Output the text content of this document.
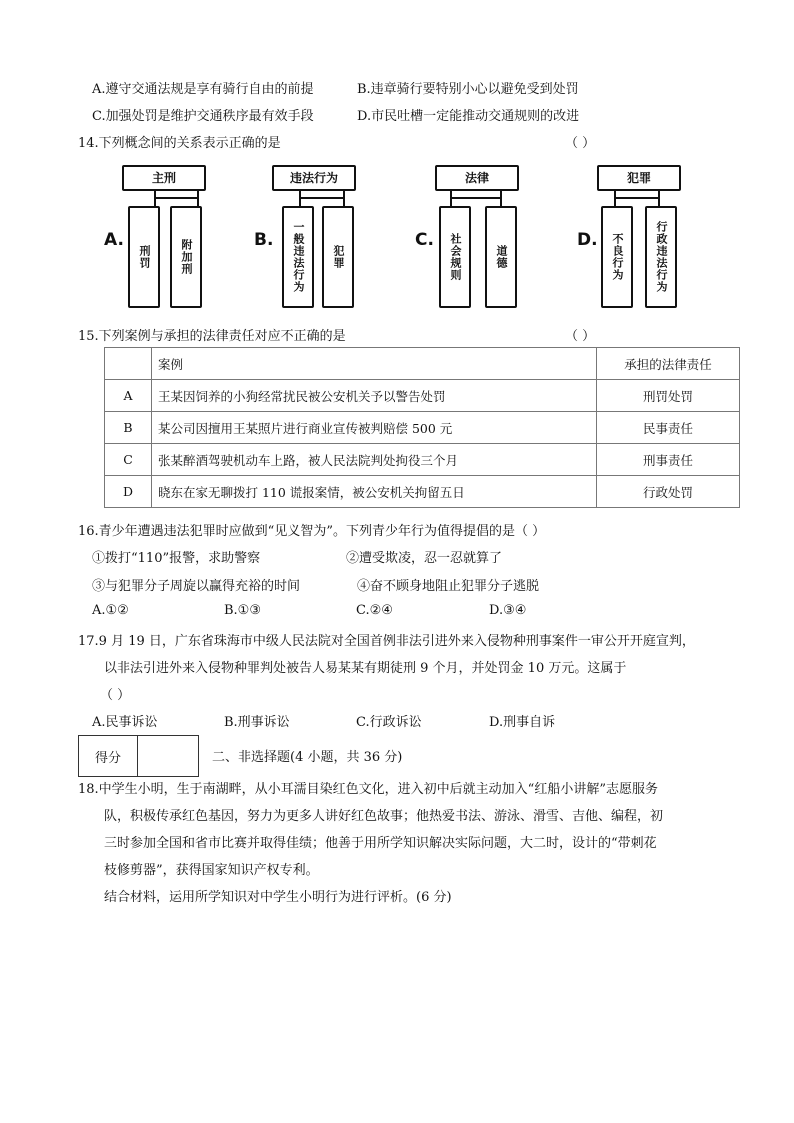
A.遵守交通法规是享有骑行自由的前提	B.违章骑行要特别小心以避免受到处罚
C.加强处罚是维护交通秩序最有效手段	D.市民吐槽一定能推动交通规则的改进
14.下列概念间的关系表示正确的是	（ ）
主刑
A.
刑罚	附加刑
违法行为
B.	一般违法行为	犯罪
法律
C.	社会规则	道德
犯罪
D.	不良行为	行政违法行为
15.下列案例与承担的法律责任对应不正确的是	（ ）
	案例	承担的法律责任
A	王某因饲养的小狗经常扰民被公安机关予以警告处罚	刑罚处罚
B	某公司因擅用王某照片进行商业宣传被判赔偿 500 元	民事责任
C	张某醉酒驾驶机动车上路，被人民法院判处拘役三个月	刑事责任
D	晓东在家无聊拨打 110 谎报案情，被公安机关拘留五日	行政处罚
16.青少年遭遇违法犯罪时应做到“见义智为”。下列青少年行为值得提倡的是（ ）
①拨打“110”报警，求助警察	②遭受欺凌，忍一忍就算了
③与犯罪分子周旋以赢得充裕的时间	④奋不顾身地阻止犯罪分子逃脱
A.①②	B.①③	C.②④	D.③④
17.9 月 19 日，广东省珠海市中级人民法院对全国首例非法引进外来入侵物种刑事案件一审公开开庭宣判，
以非法引进外来入侵物种罪判处被告人易某某有期徒刑 9 个月，并处罚金 10 万元。这属于
（ ）
A.民事诉讼	B.刑事诉讼	C.行政诉讼	D.刑事自诉
得分		二、非选择题(4 小题，共 36 分)
18.中学生小明，生于南湖畔，从小耳濡目染红色文化，进入初中后就主动加入“红船小讲解”志愿服务
队，积极传承红色基因，努力为更多人讲好红色故事；他热爱书法、游泳、滑雪、吉他、编程，初
三时参加全国和省市比赛并取得佳绩；他善于用所学知识解决实际问题，大二时，设计的“带刺花
枝修剪器”，获得国家知识产权专利。
结合材料，运用所学知识对中学生小明行为进行评析。(6 分)
